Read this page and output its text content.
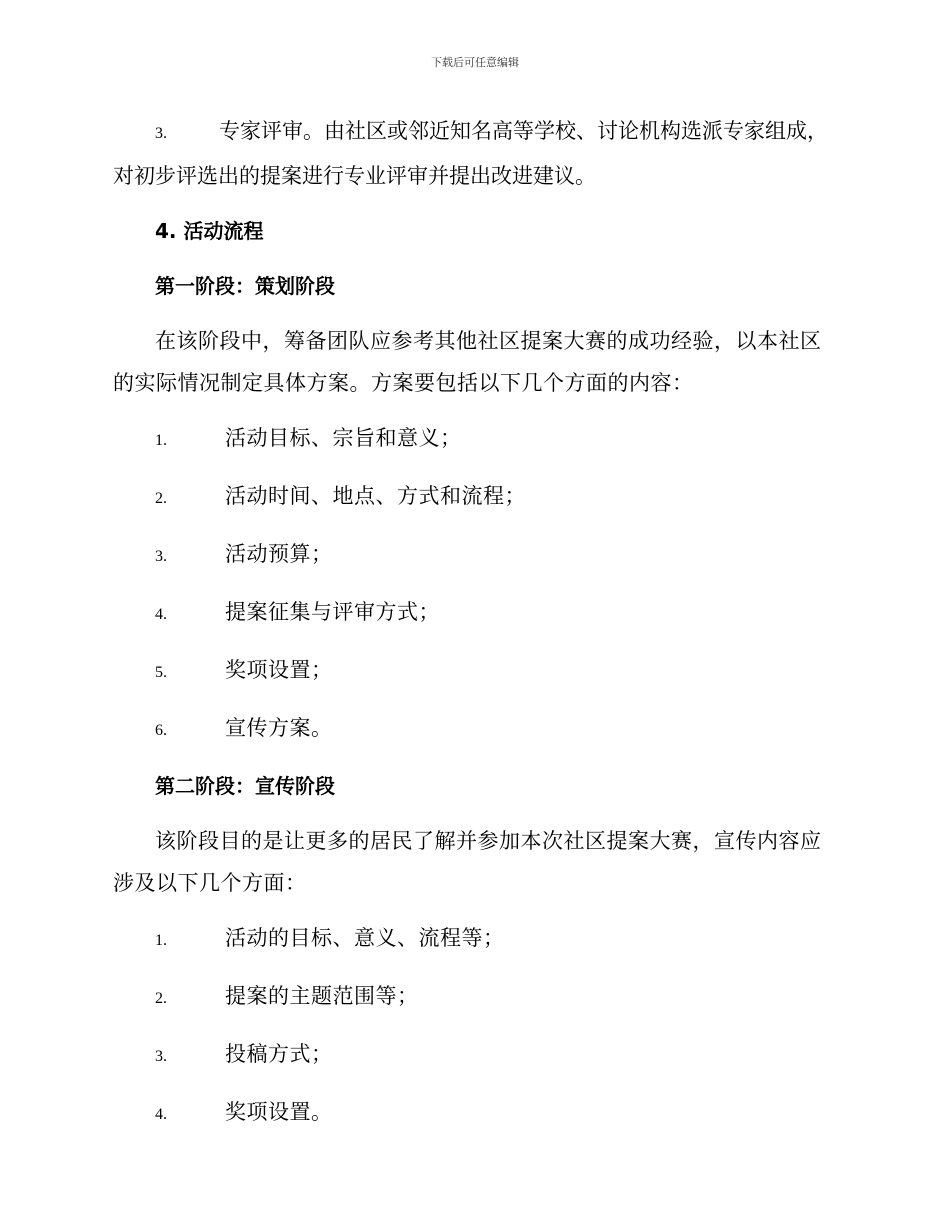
下载后可任意编辑
3. 专家评审。由社区或邻近知名高等学校、讨论机构选派专家组成，对初步评选出的提案进行专业评审并提出改进建议。
4. 活动流程
第一阶段：策划阶段
在该阶段中，筹备团队应参考其他社区提案大赛的成功经验，以本社区的实际情况制定具体方案。方案要包括以下几个方面的内容：
1.	活动目标、宗旨和意义；
2.	活动时间、地点、方式和流程；
3.	活动预算；
4.	提案征集与评审方式；
5.	奖项设置；
6.	宣传方案。
第二阶段：宣传阶段
该阶段目的是让更多的居民了解并参加本次社区提案大赛，宣传内容应涉及以下几个方面：
1.	活动的目标、意义、流程等；
2.	提案的主题范围等；
3.	投稿方式；
4.	奖项设置。
